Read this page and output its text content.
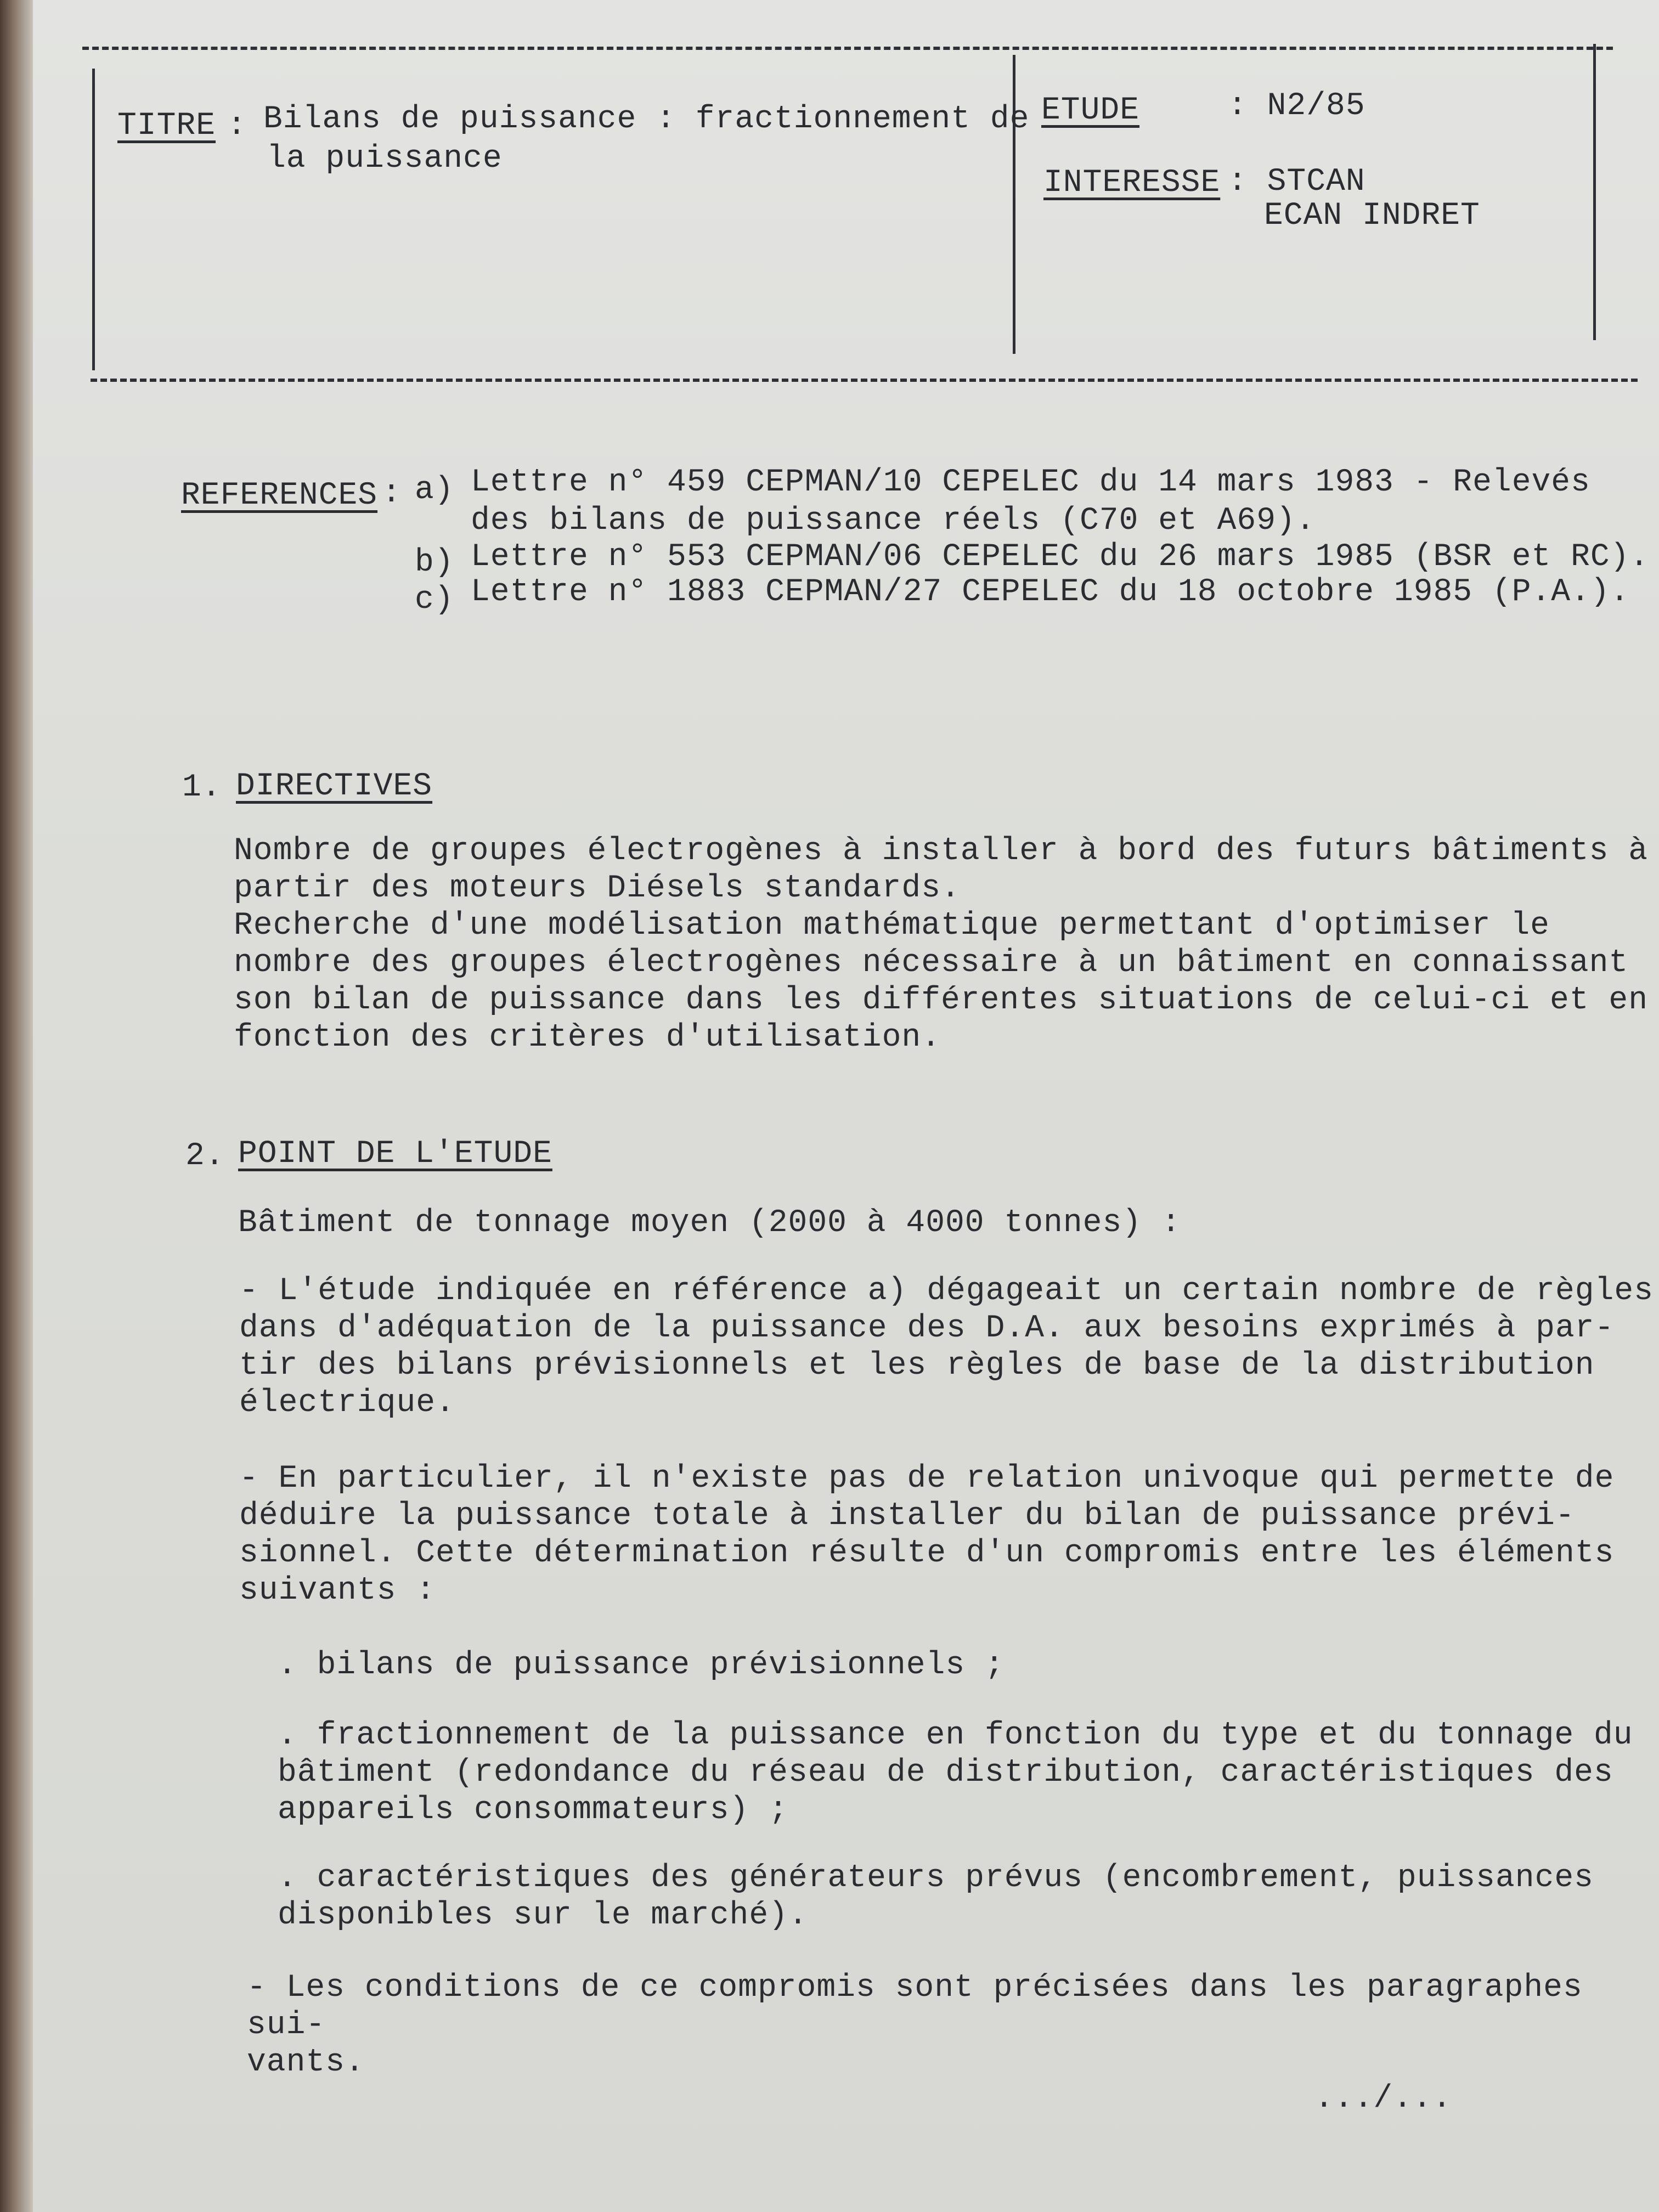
TITRE : Bilans de puissance : fractionnement de
la puissance
ETUDE	: N2/85
INTERESSE : STCAN
ECAN INDRET
REFERENCES : a) Lettre n° 459 CEPMAN/10 CEPELEC du 14 mars 1983 - Relevés
des bilans de puissance réels (C70 et A69).
b) Lettre n° 553 CEPMAN/06 CEPELEC du 26 mars 1985 (BSR et RC).
c) Lettre n° 1883 CEPMAN/27 CEPELEC du 18 octobre 1985 (P.A.).
1. DIRECTIVES
Nombre de groupes électrogènes à installer à bord des futurs bâtiments à
partir des moteurs Diésels standards.
Recherche d'une modélisation mathématique permettant d'optimiser le
nombre des groupes électrogènes nécessaire à un bâtiment en connaissant
son bilan de puissance dans les différentes situations de celui-ci et en
fonction des critères d'utilisation.
2. POINT DE L'ETUDE
Bâtiment de tonnage moyen (2000 à 4000 tonnes) :
- L'étude indiquée en référence a) dégageait un certain nombre de règles
dans d'adéquation de la puissance des D.A. aux besoins exprimés à par-
tir des bilans prévisionnels et les règles de base de la distribution
électrique.
- En particulier, il n'existe pas de relation univoque qui permette de
déduire la puissance totale à installer du bilan de puissance prévi-
sionnel. Cette détermination résulte d'un compromis entre les éléments
suivants :
. bilans de puissance prévisionnels ;
. fractionnement de la puissance en fonction du type et du tonnage du
bâtiment (redondance du réseau de distribution, caractéristiques des
appareils consommateurs) ;
. caractéristiques des générateurs prévus (encombrement, puissances
disponibles sur le marché).
- Les conditions de ce compromis sont précisées dans les paragraphes sui-
vants.
.../...
